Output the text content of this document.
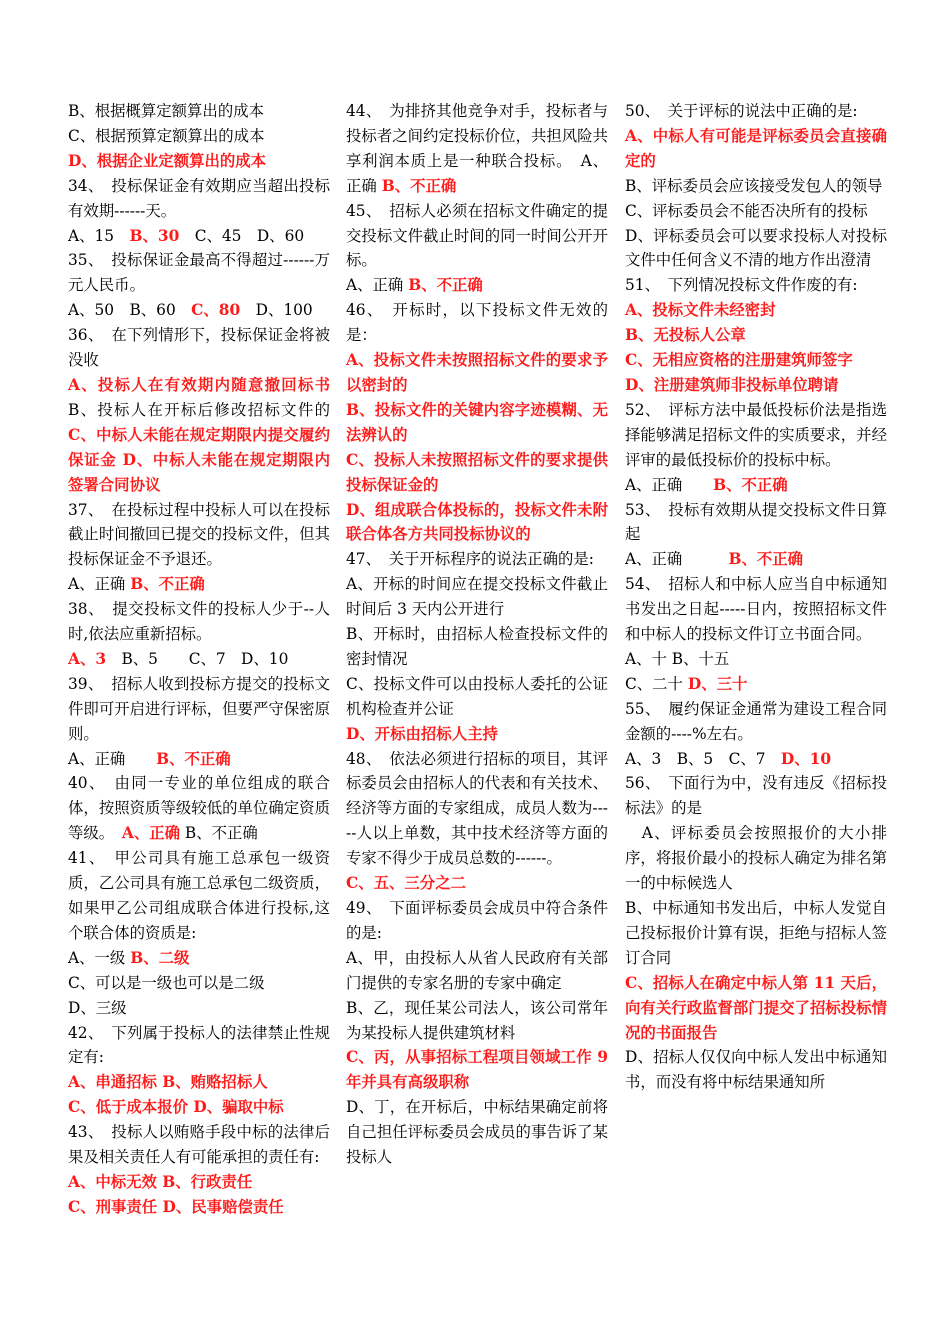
B、根据概算定额算出的成本

C、根据预算定额算出的成本

D、根据企业定额算出的成本

34、　投标保证金有效期应当超出投标有效期------天。

A、15　B、30　C、45　D、60

35、　投标保证金最高不得超过------万元人民币。

A、50　B、60　C、80　D、100

36、　在下列情形下，投标保证金将被没收

A、投标人在有效期内随意撤回标书B、投标人在开标后修改招标文件的C、中标人未能在规定期限内提交履约保证金 D、中标人未能在规定期限内签署合同协议

37、　在投标过程中投标人可以在投标截止时间撤回已提交的投标文件，但其投标保证金不予退还。

A、正确 B、不正确

38、　提交投标文件的投标人少于--人时,依法应重新招标。

A、3　B、5　　C、7　D、10

39、　招标人收到投标方提交的投标文件即可开启进行评标，但要严守保密原则。

A、正确　　B、不正确

40、　由同一专业的单位组成的联合体，按照资质等级较低的单位确定资质等级。　A、正确 B、不正确

41、　甲公司具有施工总承包一级资质，乙公司具有施工总承包二级资质，如果甲乙公司组成联合体进行投标,这个联合体的资质是:

A、一级 B、二级

C、可以是一级也可以是二级

D、三级

42、　下列属于投标人的法律禁止性规定有:

A、串通招标 B、贿赂招标人

C、低于成本报价 D、骗取中标

43、　投标人以贿赂手段中标的法律后果及相关责任人有可能承担的责任有:

A、中标无效 B、行政责任

C、刑事责任 D、民事赔偿责任

44、　为排挤其他竞争对手，投标者与投标者之间约定投标价位，共担风险共享利润本质上是一种联合投标。　A、正确 B、不正确

45、　招标人必须在招标文件确定的提交投标文件截止时间的同一时间公开开标。

A、正确 B、不正确

46、　开标时，以下投标文件无效的是：

A、投标文件未按照招标文件的要求予以密封的

B、投标文件的关键内容字迹模糊、无法辨认的

C、投标人未按照招标文件的要求提供投标保证金的

D、组成联合体投标的，投标文件未附联合体各方共同投标协议的

47、　关于开标程序的说法正确的是:

A、开标的时间应在提交投标文件截止时间后 3 天内公开进行

B、开标时，由招标人检查投标文件的密封情况

C、投标文件可以由投标人委托的公证机构检查并公证

D、开标由招标人主持

48、　依法必须进行招标的项目，其评标委员会由招标人的代表和有关技术、经济等方面的专家组成，成员人数为-----人以上单数，其中技术经济等方面的专家不得少于成员总数的------。

C、五、三分之二

49、　下面评标委员会成员中符合条件的是:

A、甲，由投标人从省人民政府有关部门提供的专家名册的专家中确定

B、乙，现任某公司法人，该公司常年为某投标人提供建筑材料

C、丙，从事招标工程项目领域工作 9 年并具有高级职称

D、丁，在开标后，中标结果确定前将自己担任评标委员会成员的事告诉了某投标人

50、　关于评标的说法中正确的是:

A、中标人有可能是评标委员会直接确定的

B、评标委员会应该接受发包人的领导

C、评标委员会不能否决所有的投标

D、评标委员会可以要求投标人对投标文件中任何含义不清的地方作出澄清

51、　下列情况投标文件作废的有:

A、投标文件未经密封

B、无投标人公章

C、无相应资格的注册建筑师签字

D、注册建筑师非投标单位聘请

52、　评标方法中最低投标价法是指选择能够满足招标文件的实质要求，并经评审的最低投标价的投标中标。

A、正确　　B、不正确

53、　投标有效期从提交投标文件日算起

A、正确　　　B、不正确

54、　招标人和中标人应当自中标通知书发出之日起-----日内，按照招标文件和中标人的投标文件订立书面合同。

A、十 B、十五

C、二十 D、三十

55、　履约保证金通常为建设工程合同金额的----%左右。

A、3　B、5　C、7　D、10

56、　下面行为中，没有违反《招标投标法》的是

　A、评标委员会按照报价的大小排序，将报价最小的投标人确定为排名第一的中标候选人

B、中标通知书发出后，中标人发觉自己投标报价计算有误，拒绝与招标人签订合同

C、招标人在确定中标人第 11 天后，向有关行政监督部门提交了招标投标情况的书面报告

D、招标人仅仅向中标人发出中标通知书，而没有将中标结果通知所
